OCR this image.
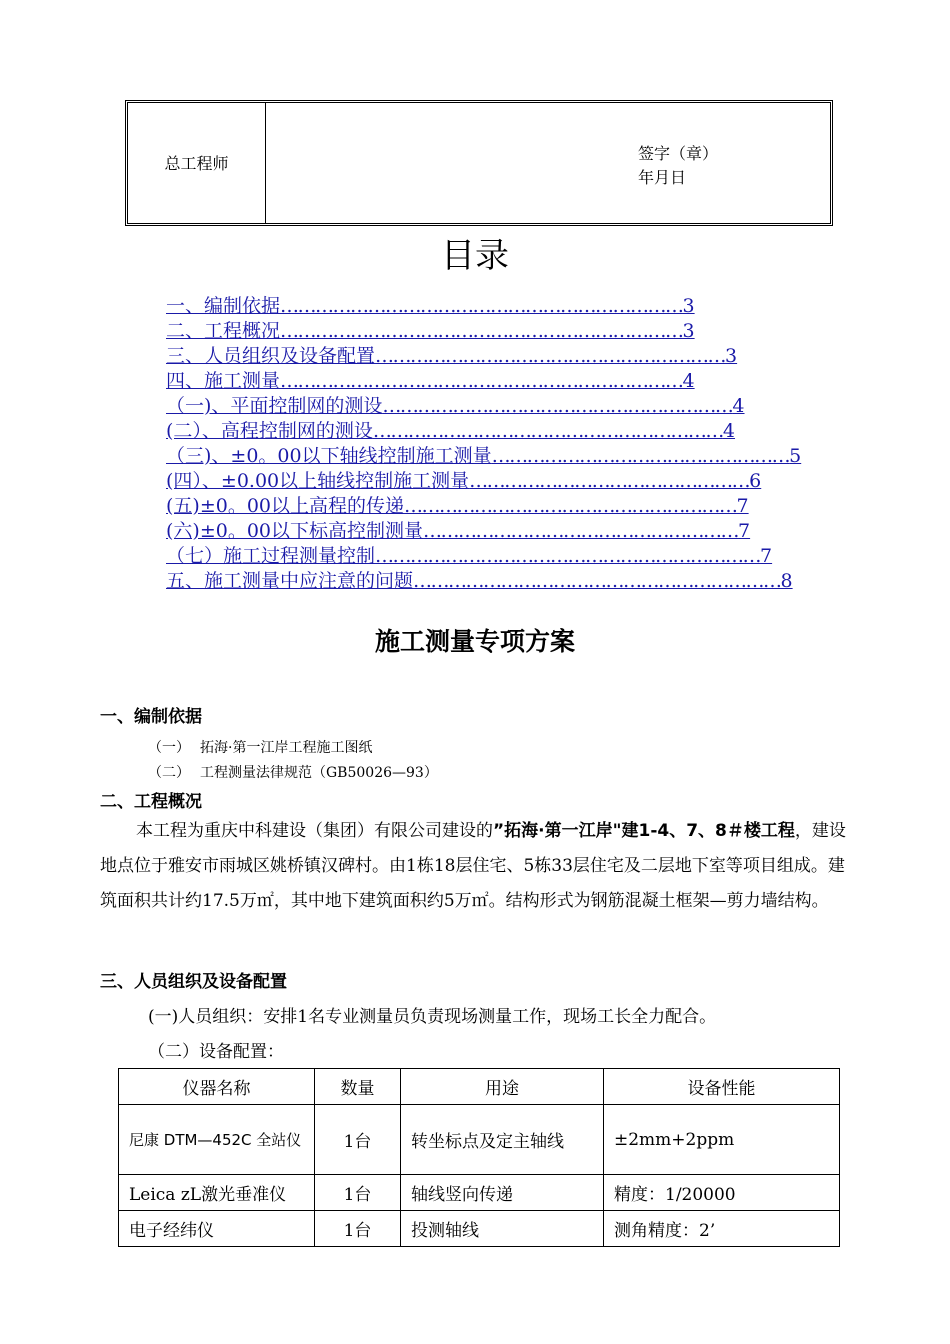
总工程师
签字（章）
年月日
目录
一、编制依据……………………………………………………………3
二、工程概况……………………………………………………………3
三、人员组织及设备配置……………………………………………………3
四、施工测量……………………………………………………………4
（一)、平面控制网的测设……………………………………………………4
(二）、高程控制网的测设……………………………………………………4
（三)、±0。00以下轴线控制施工测量……………………………………………5
(四）、±0.00以上轴线控制施工测量…………………………………………6
(五)±0。00以上高程的传递…………………………………………………7
(六)±0。00以下标高控制测量………………………………………………7
（七）施工过程测量控制…………………………………………………………7
五、施工测量中应注意的问题………………………………………………………8
施工测量专项方案
一、编制依据
（一） 拓海·第一江岸工程施工图纸
（二） 工程测量法律规范（GB50026—93）
二、工程概况

本工程为重庆中科建设（集团）有限公司建设的”拓海·第一江岸"建1-4、7、8＃楼工程，建设地点位于雅安市雨城区姚桥镇汉碑村。由1栋18层住宅、5栋33层住宅及二层地下室等项目组成。建筑面积共计约17.5万㎡，其中地下建筑面积约5万㎡。结构形式为钢筋混凝土框架—剪力墙结构。

三、人员组织及设备配置
(一)人员组织：安排1名专业测量员负责现场测量工作，现场工长全力配合。
（二）设备配置：
仪器名称	数量	用途	设备性能
尼康 DTM—452C 全站仪	1台	转坐标点及定主轴线	±2mm+2ppm
Leica zL激光垂准仪	1台	轴线竖向传递	精度：1/20000
电子经纬仪	1台	投测轴线	测角精度：2’
